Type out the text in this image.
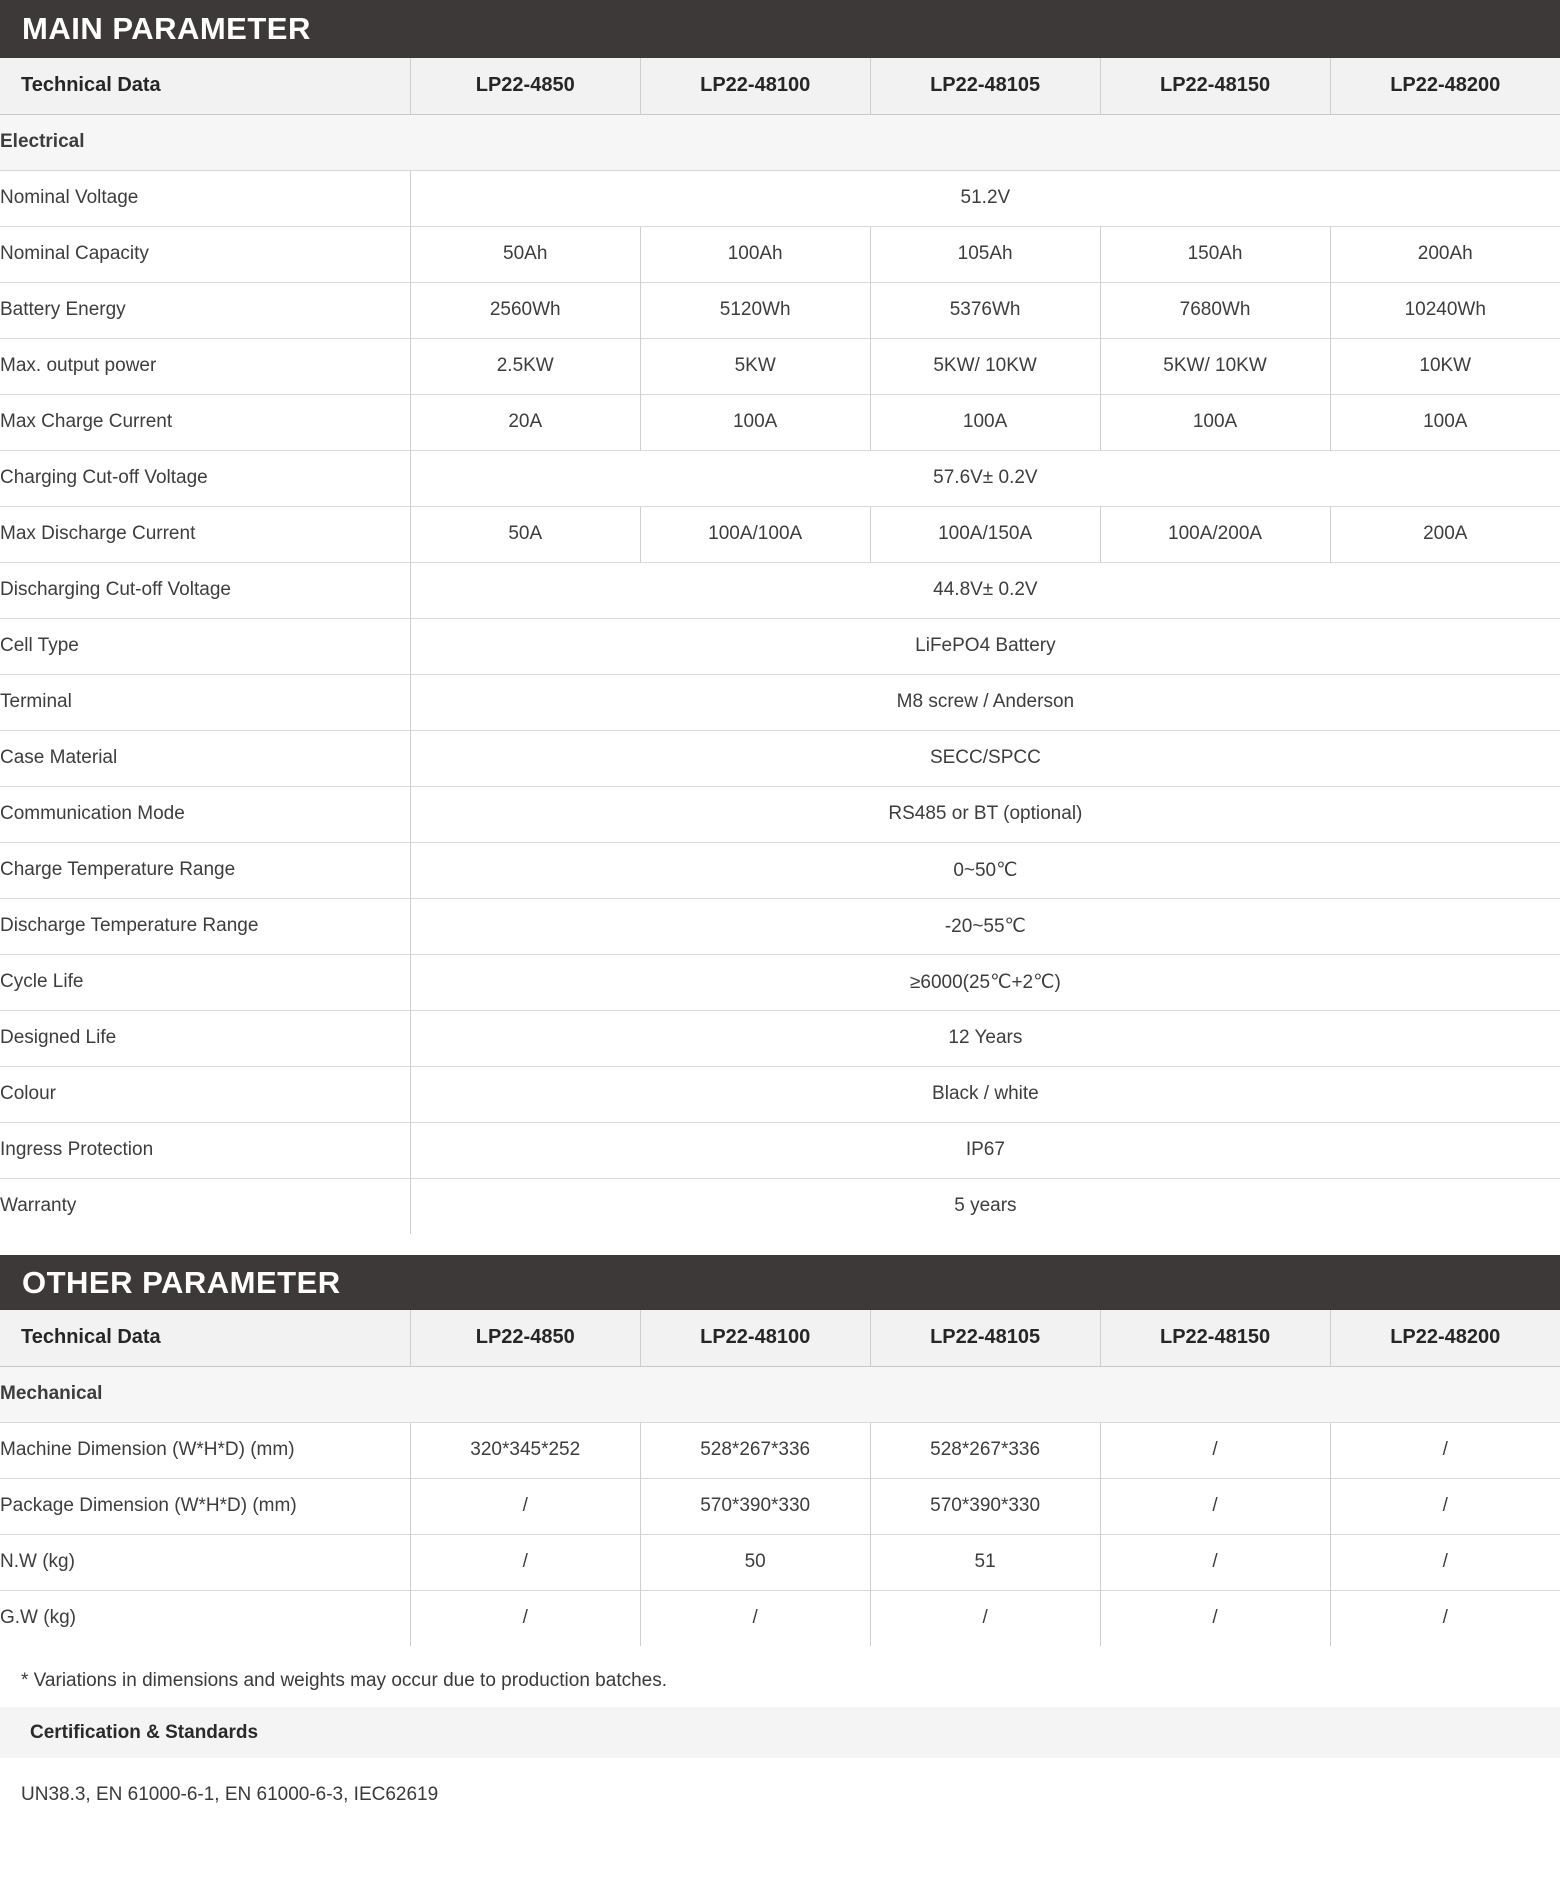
MAIN PARAMETER
Technical Data	LP22-4850	LP22-48100	LP22-48105	LP22-48150	LP22-48200
Electrical					
Nominal Voltage	51.2V				
Nominal Capacity	50Ah	100Ah	105Ah	150Ah	200Ah
Battery Energy	2560Wh	5120Wh	5376Wh	7680Wh	10240Wh
Max. output power	2.5KW	5KW	5KW/ 10KW	5KW/ 10KW	10KW
Max Charge Current	20A	100A	100A	100A	100A
Charging Cut-off Voltage	57.6V± 0.2V				
Max Discharge Current	50A	100A/100A	100A/150A	100A/200A	200A
Discharging Cut-off Voltage	44.8V± 0.2V				
Cell Type	LiFePO4 Battery				
Terminal	M8 screw / Anderson				
Case Material	SECC/SPCC				
Communication Mode	RS485 or BT (optional)				
Charge Temperature Range	0~50℃				
Discharge Temperature Range	-20~55℃				
Cycle Life	≥6000(25℃+2℃)				
Designed Life	12 Years				
Colour	Black / white				
Ingress Protection	IP67				
Warranty	5 years				
OTHER PARAMETER
Technical Data	LP22-4850	LP22-48100	LP22-48105	LP22-48150	LP22-48200
Mechanical					
Machine Dimension (W*H*D) (mm)	320*345*252	528*267*336	528*267*336	/	/
Package Dimension (W*H*D) (mm)	/	570*390*330	570*390*330	/	/
N.W (kg)	/	50	51	/	/
G.W (kg)	/	/	/	/	/
* Variations in dimensions and weights may occur due to production batches.
Certification & Standards
UN38.3, EN 61000-6-1, EN 61000-6-3, IEC62619
